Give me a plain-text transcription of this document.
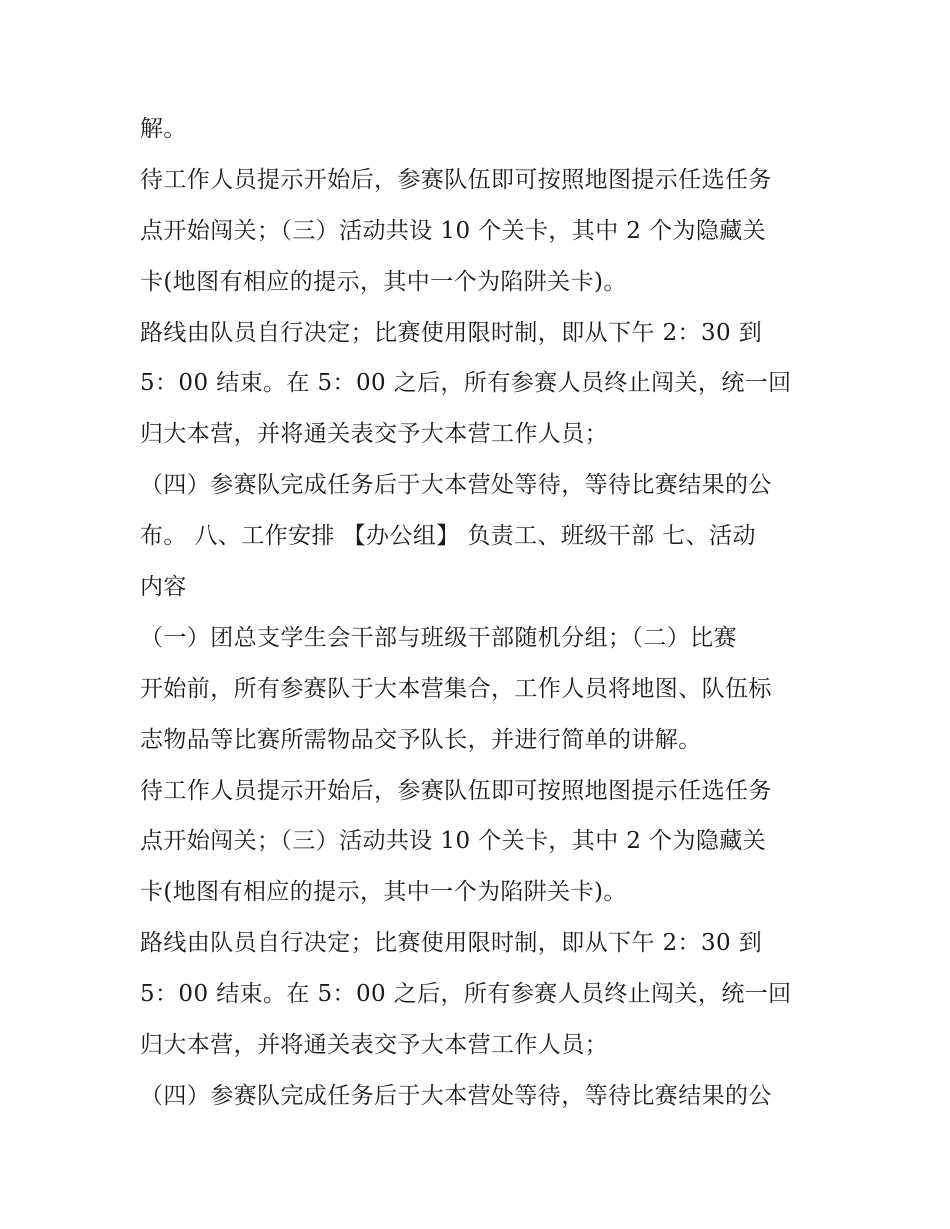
解。
待工作人员提示开始后，参赛队伍即可按照地图提示任选任务
点开始闯关；（三）活动共设 10 个关卡，其中 2 个为隐藏关
卡(地图有相应的提示，其中一个为陷阱关卡)。
路线由队员自行决定；比赛使用限时制，即从下午 2：30 到
5：00 结束。在 5：00 之后，所有参赛人员终止闯关，统一回
归大本营，并将通关表交予大本营工作人员；
（四）参赛队完成任务后于大本营处等待，等待比赛结果的公
布。 八、工作安排 【办公组】 负责工、班级干部 七、活动
内容
（一）团总支学生会干部与班级干部随机分组；（二）比赛
开始前，所有参赛队于大本营集合，工作人员将地图、队伍标
志物品等比赛所需物品交予队长，并进行简单的讲解。
待工作人员提示开始后，参赛队伍即可按照地图提示任选任务
点开始闯关；（三）活动共设 10 个关卡，其中 2 个为隐藏关
卡(地图有相应的提示，其中一个为陷阱关卡)。
路线由队员自行决定；比赛使用限时制，即从下午 2：30 到
5：00 结束。在 5：00 之后，所有参赛人员终止闯关，统一回
归大本营，并将通关表交予大本营工作人员；
（四）参赛队完成任务后于大本营处等待，等待比赛结果的公
